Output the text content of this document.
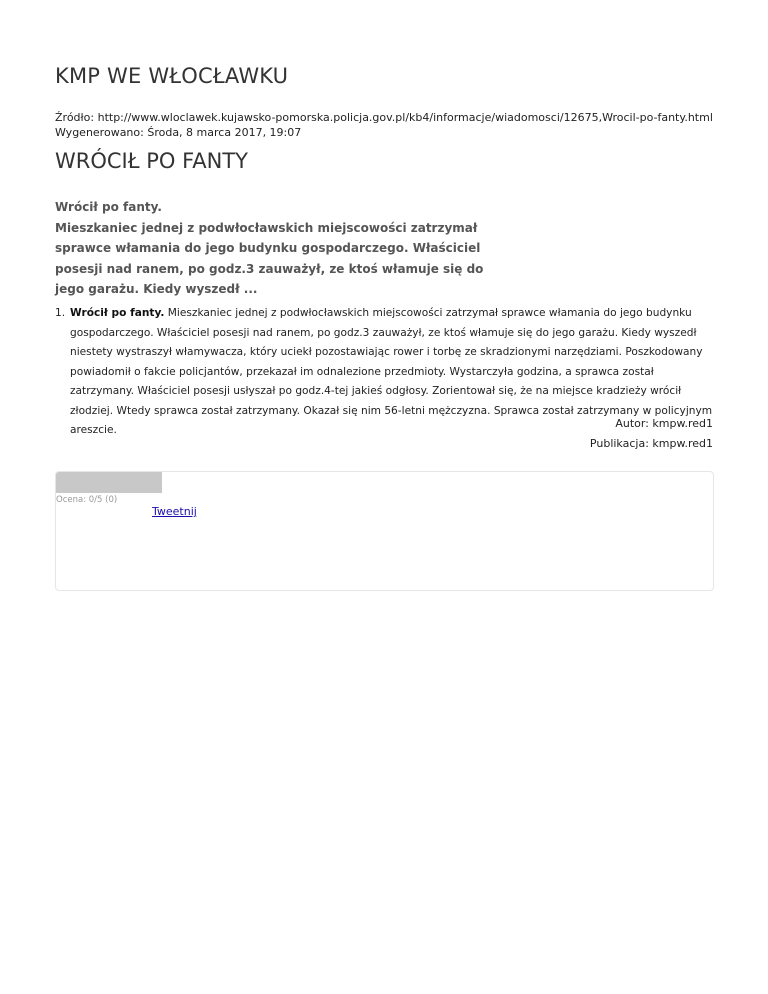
KMP WE WŁOCŁAWKU
Źródło: http://www.wloclawek.kujawsko-pomorska.policja.gov.pl/kb4/informacje/wiadomosci/12675,Wrocil-po-fanty.html
Wygenerowano: Środa, 8 marca 2017, 19:07
WRÓCIŁ PO FANTY
Wrócił po fanty.
Mieszkaniec jednej z podwłocławskich miejscowości zatrzymał sprawce włamania do jego budynku gospodarczego. Właściciel posesji nad ranem, po godz.3 zauważył, ze ktoś włamuje się do jego garażu. Kiedy wyszedł ...
1. Wrócił po fanty. Mieszkaniec jednej z podwłocławskich miejscowości zatrzymał sprawce włamania do jego budynku gospodarczego. Właściciel posesji nad ranem, po godz.3 zauważył, ze ktoś włamuje się do jego garażu. Kiedy wyszedł niestety wystraszył włamywacza, który uciekł pozostawiając rower i torbę ze skradzionymi narzędziami. Poszkodowany powiadomił o fakcie policjantów, przekazał im odnalezione przedmioty. Wystarczyła godzina, a sprawca został zatrzymany. Właściciel posesji usłyszał po godz.4-tej jakieś odgłosy. Zorientował się, że na miejsce kradzieży wrócił złodziej. Wtedy sprawca został zatrzymany. Okazał się nim 56-letni mężczyzna. Sprawca został zatrzymany w policyjnym areszcie.	Autor: kmpw.red1
Publikacja: kmpw.red1
Ocena: 0/5 (0)
Tweetnij
